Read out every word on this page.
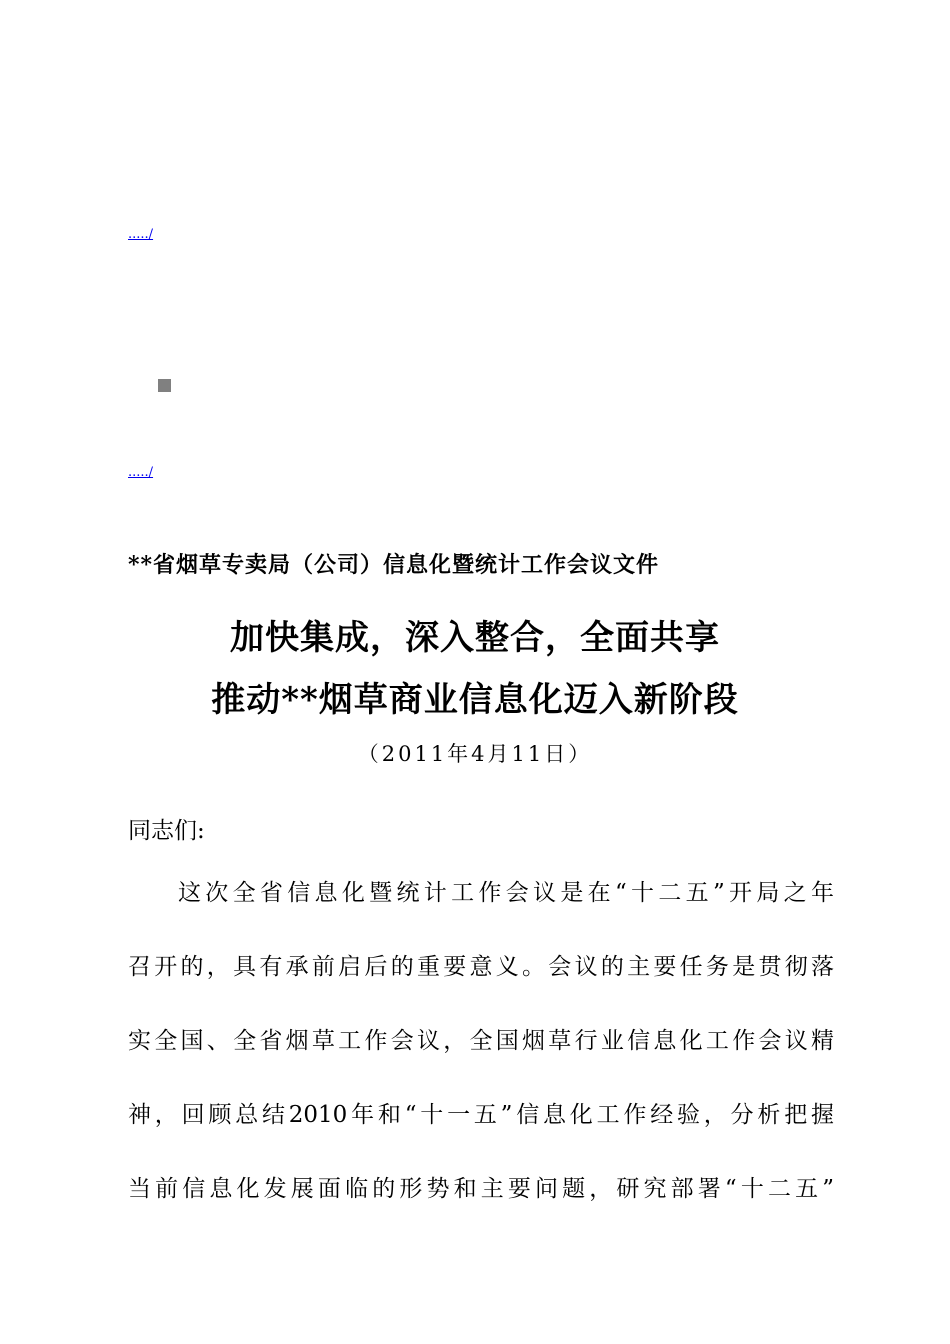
...../
...../
**省烟草专卖局（公司）信息化暨统计工作会议文件
加快集成，深入整合，全面共享
推动**烟草商业信息化迈入新阶段
（2011年4月11日）
同志们:
这次全省信息化暨统计工作会议是在“十二五”开局之年
召开的，具有承前启后的重要意义。会议的主要任务是贯彻落
实全国、全省烟草工作会议，全国烟草行业信息化工作会议精
神，回顾总结2010年和“十一五”信息化工作经验，分析把握
当前信息化发展面临的形势和主要问题，研究部署“十二五”
